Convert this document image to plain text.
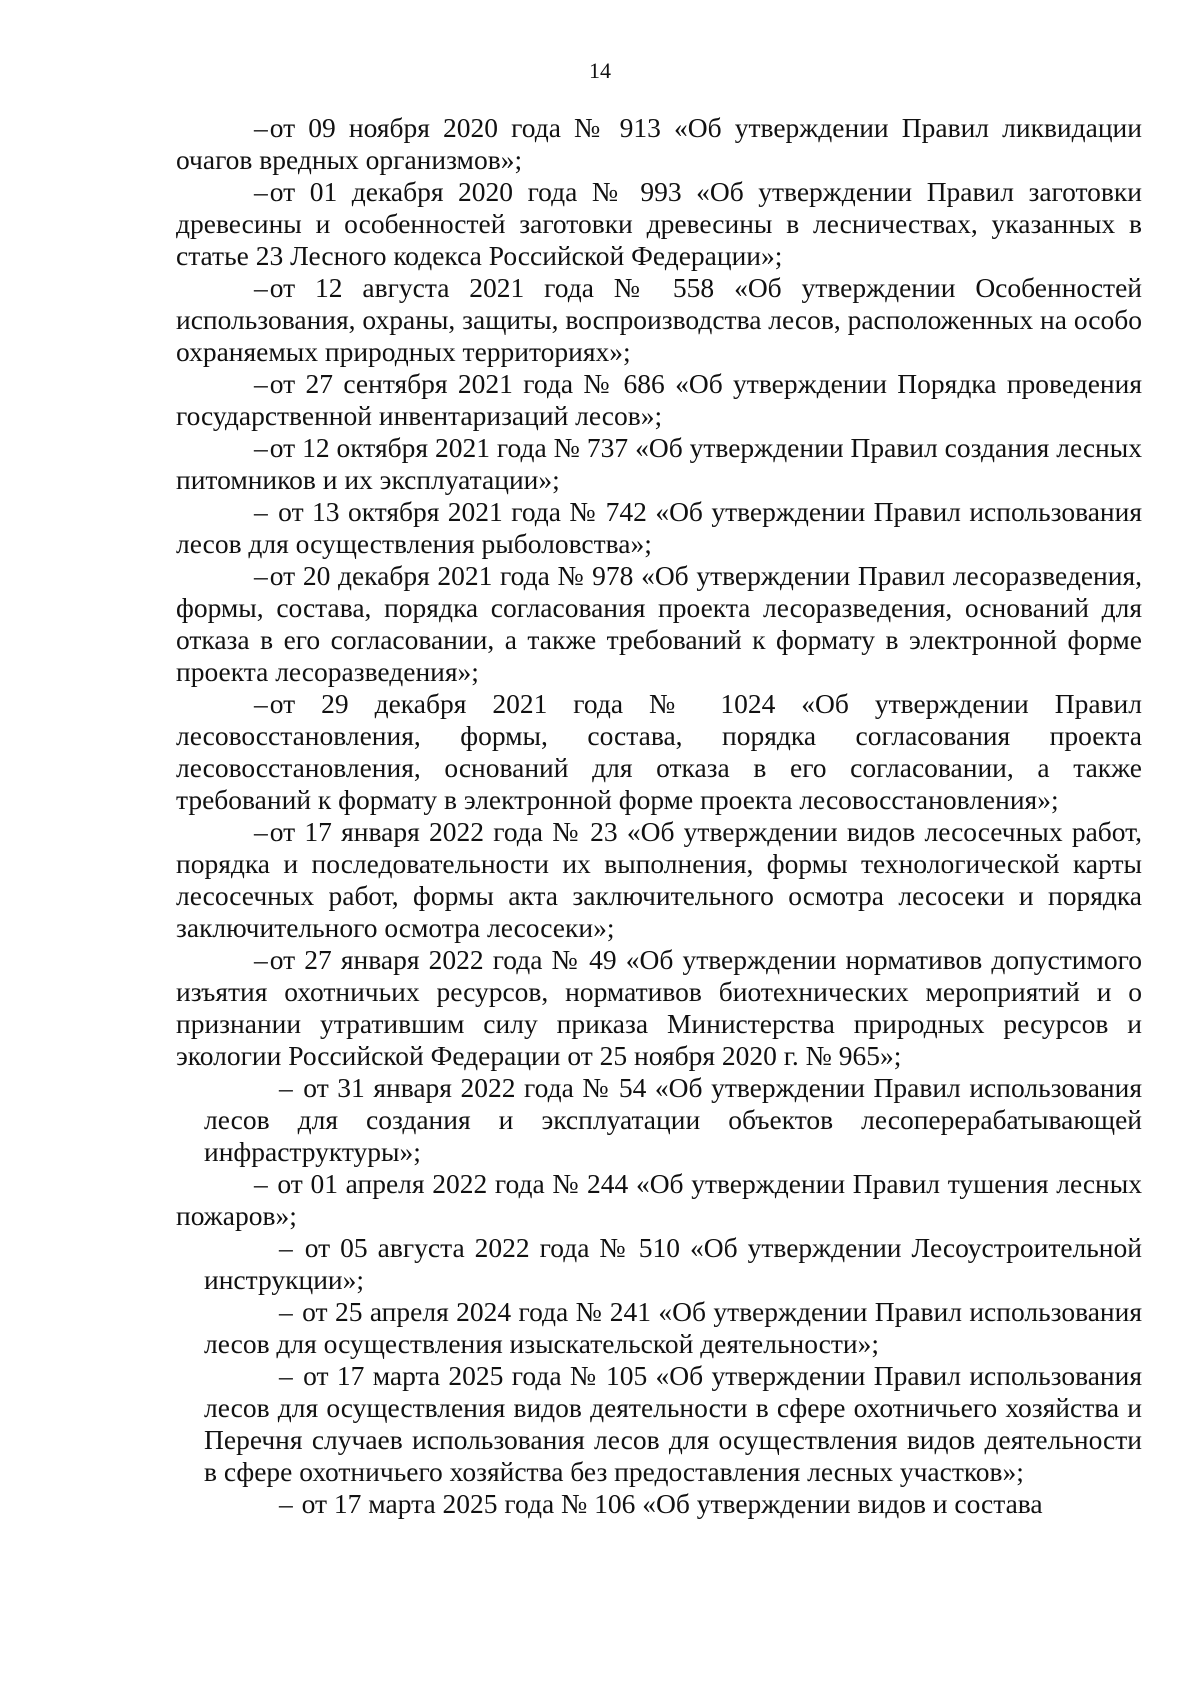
14

–от 09 ноября 2020 года № 913 «Об утверждении Правил ликвидации очагов вредных организмов»;

–от 01 декабря 2020 года № 993 «Об утверждении Правил заготовки древесины и особенностей заготовки древесины в лесничествах, указанных в статье 23 Лесного кодекса Российской Федерации»;

–от 12 августа 2021 года № 558 «Об утверждении Особенностей использования, охраны, защиты, воспроизводства лесов, расположенных на особо охраняемых природных территориях»;

–от 27 сентября 2021 года № 686 «Об утверждении Порядка проведения государственной инвентаризаций лесов»;

–от 12 октября 2021 года № 737 «Об утверждении Правил создания лесных питомников и их эксплуатации»;

– от 13 октября 2021 года № 742 «Об утверждении Правил использования лесов для осуществления рыболовства»;

–от 20 декабря 2021 года № 978 «Об утверждении Правил лесоразведения, формы, состава, порядка согласования проекта лесоразведения, оснований для отказа в его согласовании, а также требований к формату в электронной форме проекта лесоразведения»;

–от 29 декабря 2021 года № 1024 «Об утверждении Правил лесовосстановления, формы, состава, порядка согласования проекта лесовосстановления, оснований для отказа в его согласовании, а также требований к формату в электронной форме проекта лесовосстановления»;

–от 17 января 2022 года № 23 «Об утверждении видов лесосечных работ, порядка и последовательности их выполнения, формы технологической карты лесосечных работ, формы акта заключительного осмотра лесосеки и порядка заключительного осмотра лесосеки»;

–от 27 января 2022 года № 49 «Об утверждении нормативов допустимого изъятия охотничьих ресурсов, нормативов биотехнических мероприятий и о признании утратившим силу приказа Министерства природных ресурсов и экологии Российской Федерации от 25 ноября 2020 г. № 965»;

– от 31 января 2022 года № 54 «Об утверждении Правил использования лесов для создания и эксплуатации объектов лесоперерабатывающей инфраструктуры»;

– от 01 апреля 2022 года № 244 «Об утверждении Правил тушения лесных пожаров»;

– от 05 августа 2022 года № 510 «Об утверждении Лесоустроительной инструкции»;

– от 25 апреля 2024 года № 241 «Об утверждении Правил использования лесов для осуществления изыскательской деятельности»;

– от 17 марта 2025 года № 105 «Об утверждении Правил использования лесов для осуществления видов деятельности в сфере охотничьего хозяйства и Перечня случаев использования лесов для осуществления видов деятельности в сфере охотничьего хозяйства без предоставления лесных участков»;

– от 17 марта 2025 года № 106 «Об утверждении видов и состава
